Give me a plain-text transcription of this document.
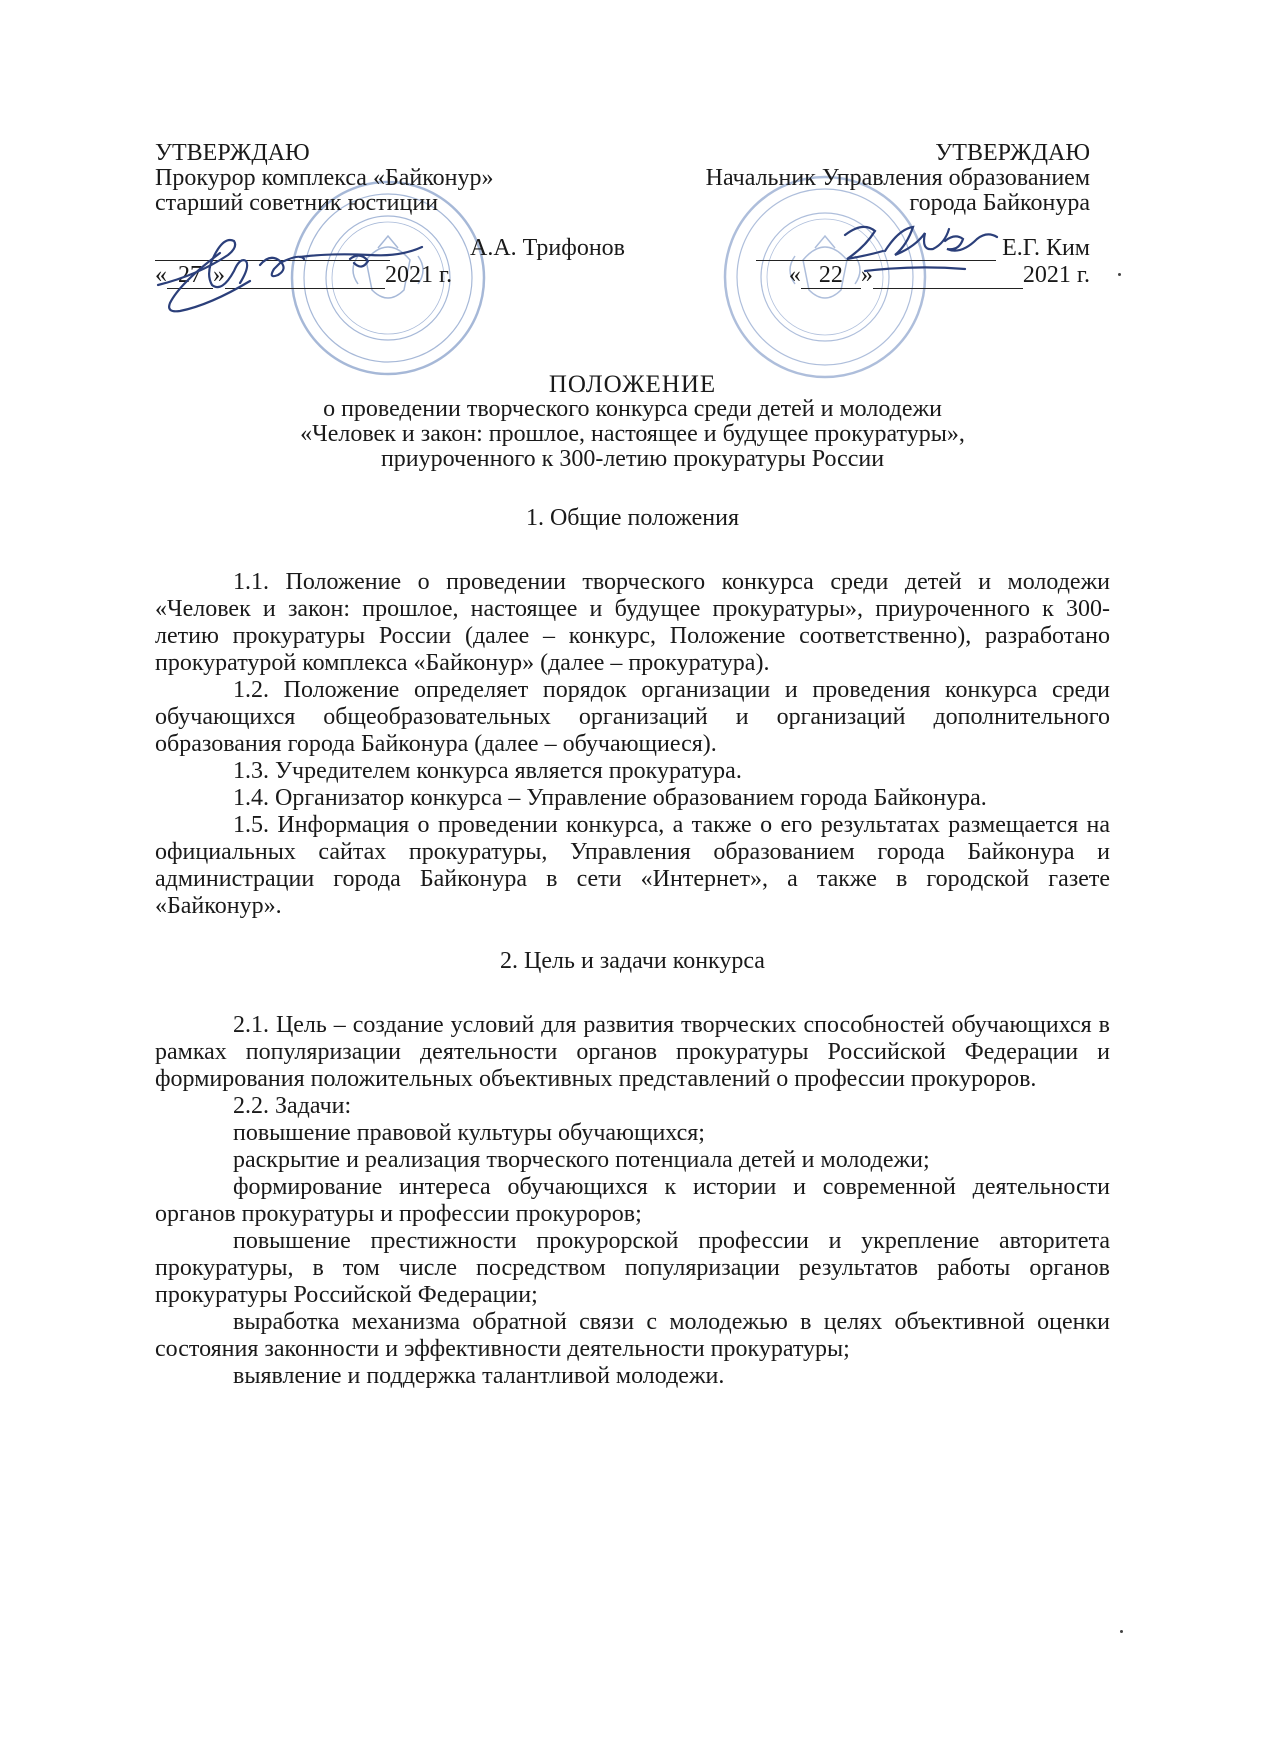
УТВЕРЖДАЮ
Прокурор комплекса «Байконур»
старший советник юстиции
А.А. Трифонов
« 27 »	2021 г.
УТВЕРЖДАЮ
Начальник Управления образованием
города Байконура
Е.Г. Ким
« 22 »	2021 г.
ПОЛОЖЕНИЕ
о проведении творческого конкурса среди детей и молодежи
«Человек и закон: прошлое, настоящее и будущее прокуратуры»,
приуроченного к 300-летию прокуратуры России

1. Общие положения

1.1. Положение о проведении творческого конкурса среди детей и молодежи «Человек и закон: прошлое, настоящее и будущее прокуратуры», приуроченного к 300-летию прокуратуры России (далее – конкурс, Положение соответственно), разработано прокуратурой комплекса «Байконур» (далее – прокуратура).

1.2. Положение определяет порядок организации и проведения конкурса среди обучающихся общеобразовательных организаций и организаций дополнительного образования города Байконура (далее – обучающиеся).

1.3. Учредителем конкурса является прокуратура.

1.4. Организатор конкурса – Управление образованием города Байконура.

1.5. Информация о проведении конкурса, а также о его результатах размещается на официальных сайтах прокуратуры, Управления образованием города Байконура и администрации города Байконура в сети «Интернет», а также в городской газете «Байконур».

2. Цель и задачи конкурса

2.1. Цель – создание условий для развития творческих способностей обучающихся в рамках популяризации деятельности органов прокуратуры Российской Федерации и формирования положительных объективных представлений о профессии прокуроров.

2.2. Задачи:

повышение правовой культуры обучающихся;

раскрытие и реализация творческого потенциала детей и молодежи;

формирование интереса обучающихся к истории и современной деятельности органов прокуратуры и профессии прокуроров;

повышение престижности прокурорской профессии и укрепление авторитета прокуратуры, в том числе посредством популяризации результатов работы органов прокуратуры Российской Федерации;

выработка механизма обратной связи с молодежью в целях объективной оценки состояния законности и эффективности деятельности прокуратуры;

выявление и поддержка талантливой молодежи.
